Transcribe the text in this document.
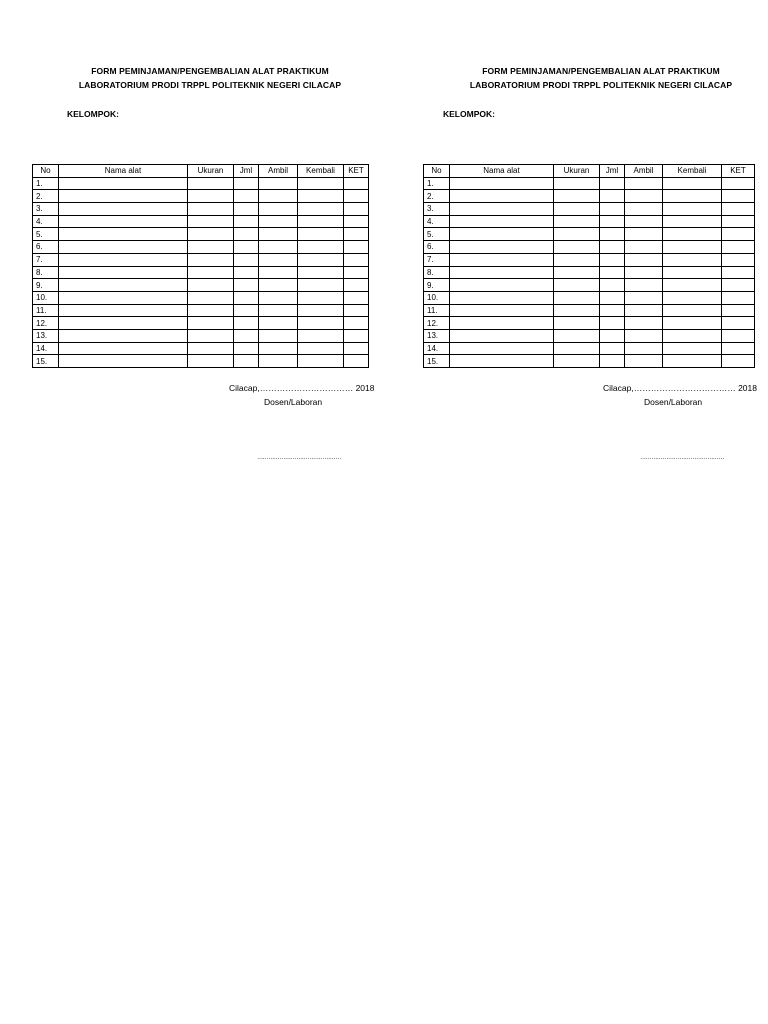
FORM PEMINJAMAN/PENGEMBALIAN ALAT PRAKTIKUM
LABORATORIUM PRODI TRPPL POLITEKNIK NEGERI CILACAP
KELOMPOK:
No	Nama alat	Ukuran	Jml	Ambil	Kembali	KET
1.						
2.						
3.						
4.						
5.						
6.						
7.						
8.						
9.						
10.						
11.						
12.						
13.						
14.						
15.						
Cilacap,…………………………… 2018
Dosen/Laboran
………………………………………
FORM PEMINJAMAN/PENGEMBALIAN ALAT PRAKTIKUM
LABORATORIUM PRODI TRPPL POLITEKNIK NEGERI CILACAP
KELOMPOK:
No	Nama alat	Ukuran	Jml	Ambil	Kembali	KET
1.						
2.						
3.						
4.						
5.						
6.						
7.						
8.						
9.						
10.						
11.						
12.						
13.						
14.						
15.						
Cilacap,……………………………… 2018
Dosen/Laboran
………………………………………
